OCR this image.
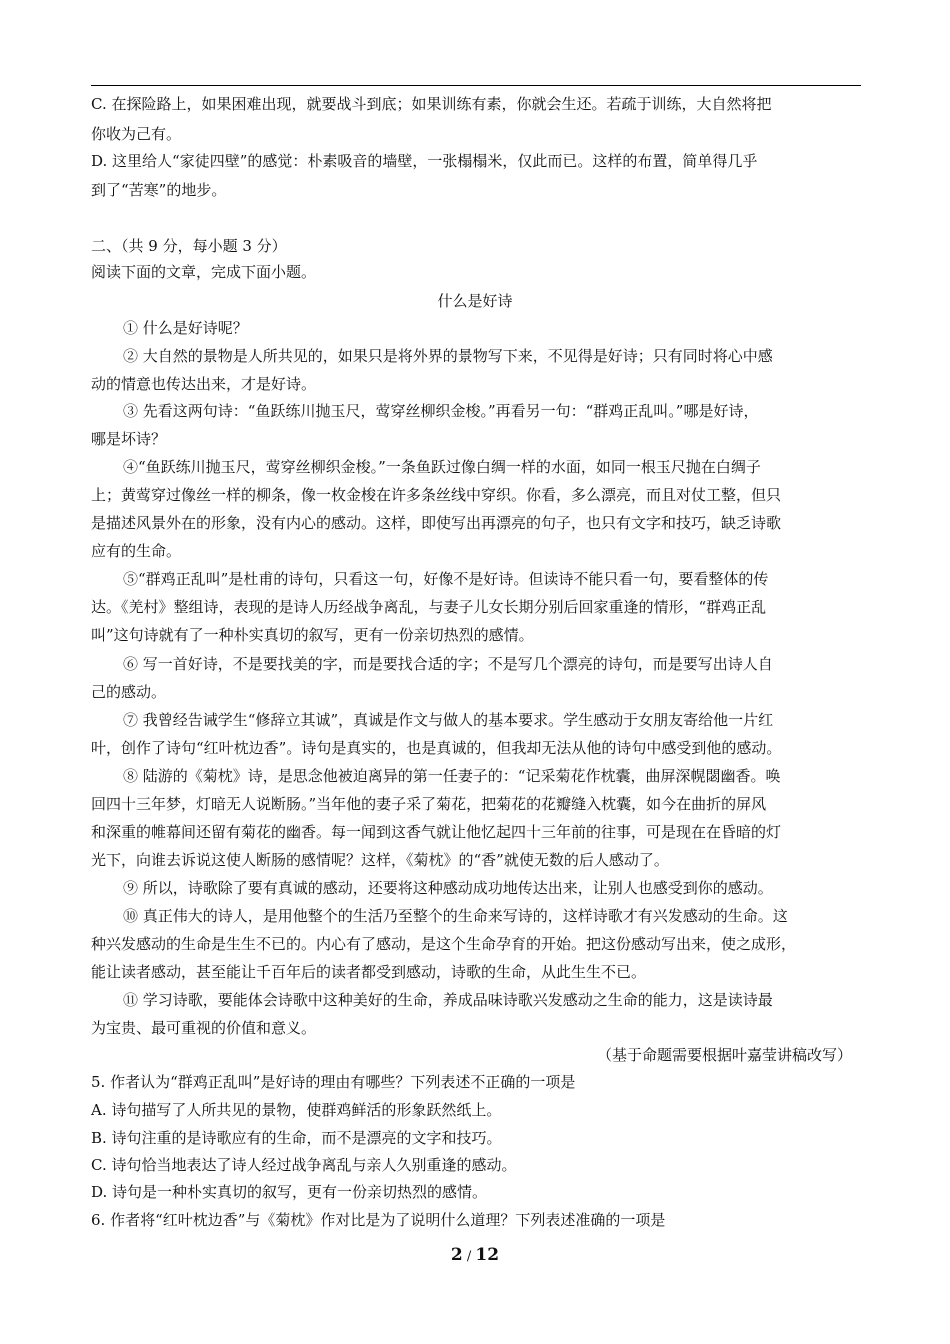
C. 在探险路上，如果困难出现，就要战斗到底；如果训练有素，你就会生还。若疏于训练，大自然将把
你收为己有。
D. 这里给人“家徒四壁”的感觉：朴素吸音的墙壁，一张榻榻米，仅此而已。这样的布置，简单得几乎
到了“苦寒”的地步。
二、（共 9 分，每小题 3 分）
阅读下面的文章，完成下面小题。
什么是好诗
① 什么是好诗呢？
② 大自然的景物是人所共见的，如果只是将外界的景物写下来，不见得是好诗；只有同时将心中感
动的情意也传达出来，才是好诗。
③ 先看这两句诗：“鱼跃练川抛玉尺，莺穿丝柳织金梭。”再看另一句：“群鸡正乱叫。”哪是好诗，
哪是坏诗？
④“鱼跃练川抛玉尺，莺穿丝柳织金梭。”一条鱼跃过像白绸一样的水面，如同一根玉尺抛在白绸子
上；黄莺穿过像丝一样的柳条，像一枚金梭在许多条丝线中穿织。你看，多么漂亮，而且对仗工整，但只
是描述风景外在的形象，没有内心的感动。这样，即使写出再漂亮的句子，也只有文字和技巧，缺乏诗歌
应有的生命。
⑤“群鸡正乱叫”是杜甫的诗句，只看这一句，好像不是好诗。但读诗不能只看一句，要看整体的传
达。《羌村》整组诗，表现的是诗人历经战争离乱，与妻子儿女长期分别后回家重逢的情形，“群鸡正乱
叫”这句诗就有了一种朴实真切的叙写，更有一份亲切热烈的感情。
⑥ 写一首好诗，不是要找美的字，而是要找合适的字；不是写几个漂亮的诗句，而是要写出诗人自
己的感动。
⑦ 我曾经告诫学生“修辞立其诚”，真诚是作文与做人的基本要求。学生感动于女朋友寄给他一片红
叶，创作了诗句“红叶枕边香”。诗句是真实的，也是真诚的，但我却无法从他的诗句中感受到他的感动。
⑧ 陆游的《菊枕》诗，是思念他被迫离异的第一任妻子的：“记采菊花作枕囊，曲屏深幌閟幽香。唤
回四十三年梦，灯暗无人说断肠。”当年他的妻子采了菊花，把菊花的花瓣缝入枕囊，如今在曲折的屏风
和深重的帷幕间还留有菊花的幽香。每一闻到这香气就让他忆起四十三年前的往事，可是现在在昏暗的灯
光下，向谁去诉说这使人断肠的感情呢？这样，《菊枕》的“香”就使无数的后人感动了。
⑨ 所以，诗歌除了要有真诚的感动，还要将这种感动成功地传达出来，让别人也感受到你的感动。
⑩ 真正伟大的诗人，是用他整个的生活乃至整个的生命来写诗的，这样诗歌才有兴发感动的生命。这
种兴发感动的生命是生生不已的。内心有了感动，是这个生命孕育的开始。把这份感动写出来，使之成形，
能让读者感动，甚至能让千百年后的读者都受到感动，诗歌的生命，从此生生不已。
⑪ 学习诗歌，要能体会诗歌中这种美好的生命，养成品味诗歌兴发感动之生命的能力，这是读诗最
为宝贵、最可重视的价值和意义。
（基于命题需要根据叶嘉莹讲稿改写）
5. 作者认为“群鸡正乱叫”是好诗的理由有哪些？下列表述不正确的一项是
A. 诗句描写了人所共见的景物，使群鸡鲜活的形象跃然纸上。
B. 诗句注重的是诗歌应有的生命，而不是漂亮的文字和技巧。
C. 诗句恰当地表达了诗人经过战争离乱与亲人久别重逢的感动。
D. 诗句是一种朴实真切的叙写，更有一份亲切热烈的感情。
6. 作者将“红叶枕边香”与《菊枕》作对比是为了说明什么道理？下列表述准确的一项是
2 / 12
